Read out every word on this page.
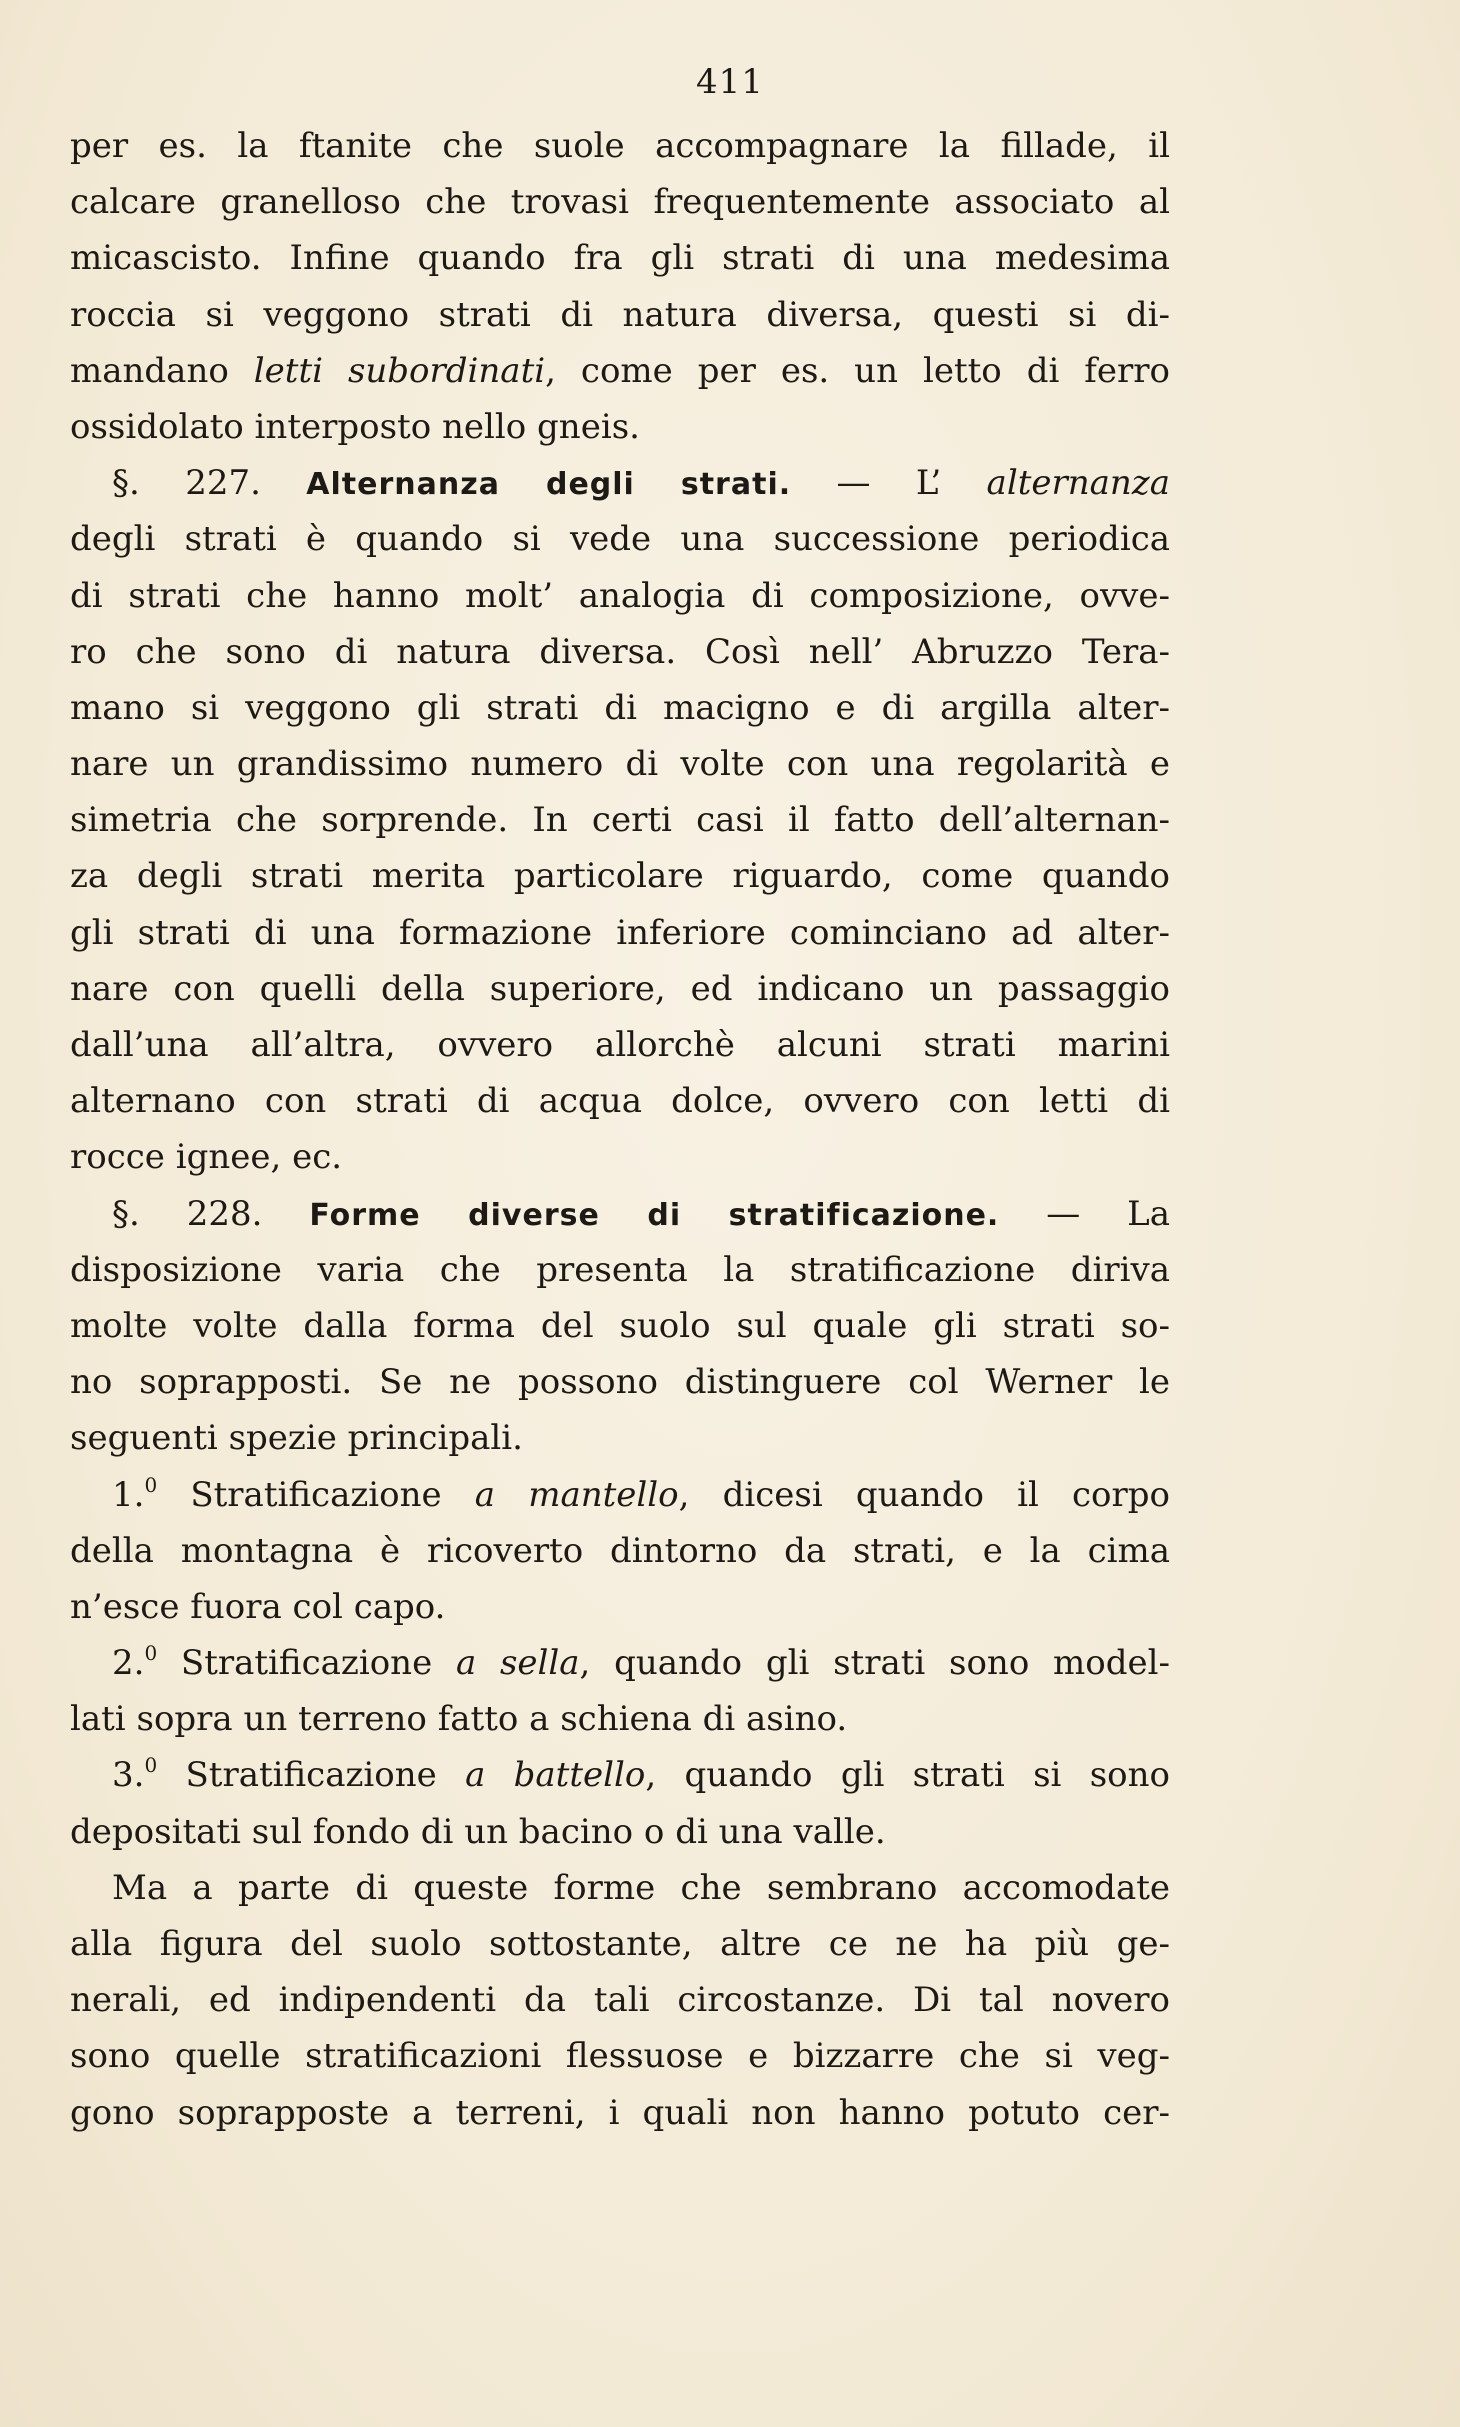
411
per es. la ftanite che suole accompagnare la fillade, il
calcare granelloso che trovasi frequentemente associato al
micascisto. Infine quando fra gli strati di una medesima
roccia si veggono strati di natura diversa, questi si di-
mandano letti subordinati, come per es. un letto di ferro
ossidolato interposto nello gneis.
§. 227. Alternanza degli strati. — L’ alternanza
degli strati è quando si vede una successione periodica
di strati che hanno molt’ analogia di composizione, ovve-
ro che sono di natura diversa. Così nell’ Abruzzo Tera-
mano si veggono gli strati di macigno e di argilla alter-
nare un grandissimo numero di volte con una regolarità e
simetria che sorprende. In certi casi il fatto dell’alternan-
za degli strati merita particolare riguardo, come quando
gli strati di una formazione inferiore cominciano ad alter-
nare con quelli della superiore, ed indicano un passaggio
dall’una all’altra, ovvero allorchè alcuni strati marini
alternano con strati di acqua dolce, ovvero con letti di
rocce ignee, ec.
§. 228. Forme diverse di stratificazione. — La
disposizione varia che presenta la stratificazione diriva
molte volte dalla forma del suolo sul quale gli strati so-
no soprapposti. Se ne possono distinguere col Werner le
seguenti spezie principali.
1.$^0$ Stratificazione a mantello, dicesi quando il corpo
della montagna è ricoverto dintorno da strati, e la cima
n’esce fuora col capo.
2.$^0$ Stratificazione a sella, quando gli strati sono model-
lati sopra un terreno fatto a schiena di asino.
3.$^0$ Stratificazione a battello, quando gli strati si sono
depositati sul fondo di un bacino o di una valle.
Ma a parte di queste forme che sembrano accomodate
alla figura del suolo sottostante, altre ce ne ha più ge-
nerali, ed indipendenti da tali circostanze. Di tal novero
sono quelle stratificazioni flessuose e bizzarre che si veg-
gono soprapposte a terreni, i quali non hanno potuto cer-
